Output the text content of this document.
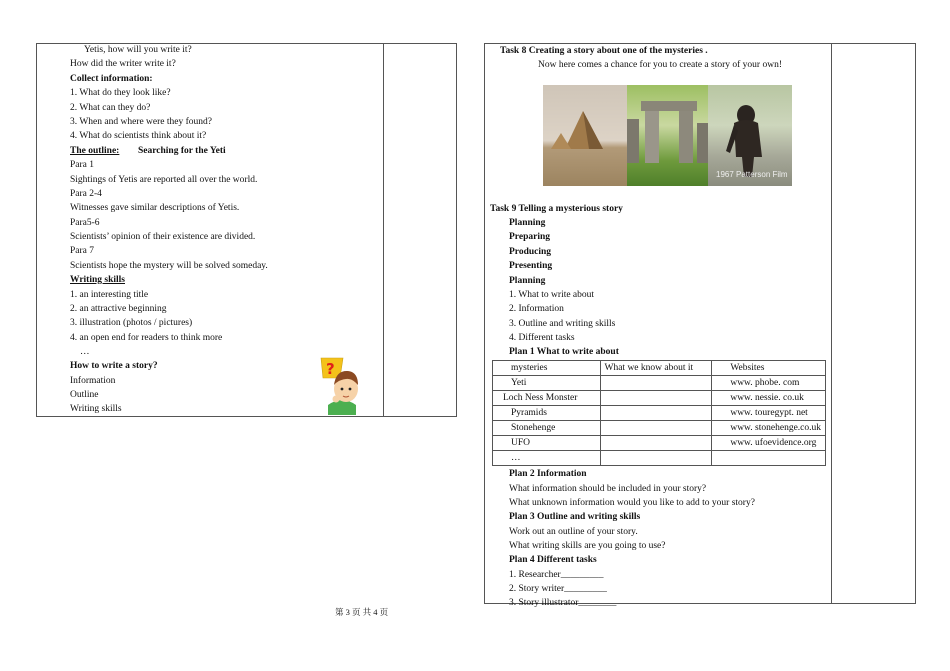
Yetis, how will you write it?
How did the writer write it?
Collect information:
1. What do they look like?
2. What can they do?
3. When and where were they found?
4. What do scientists think about it?
The outline: Searching for the Yeti
Para 1
Sightings of Yetis are reported all over the world.
Para 2-4
Witnesses gave similar descriptions of Yetis.
Para5-6
Scientists’ opinion of their existence are divided.
Para 7
Scientists hope the mystery will be solved someday.
Writing skills
1. an interesting title
2. an attractive beginning
3. illustration (photos / pictures)
4. an open end for readers to think more
…
How to write a story?
Information
Outline
Writing skills
?
Task 8 Creating a story about one of the mysteries .
Now here comes a chance for you to create a story of your own!
1967 Patterson Film
Task 9 Telling a mysterious story
Planning
Preparing
Producing
Presenting
Planning
1. What to write about
2. Information
3. Outline and writing skills
4. Different tasks
Plan 1 What to write about
mysteries	What we know about it	Websites
Yeti		www. phobe. com
Loch Ness Monster		www. nessie. co.uk
Pyramids		www. touregypt. net
Stonehenge		www. stonehenge.co.uk
UFO		www. ufoevidence.org
…		
Plan 2 Information
What information should be included in your story?
What unknown information would you like to add to your story?
Plan 3 Outline and writing skills
Work out an outline of your story.
What writing skills are you going to use?
Plan 4 Different tasks
1. Researcher_________
2. Story writer_________
3. Story illustrator________
第 3 页 共 4 页
